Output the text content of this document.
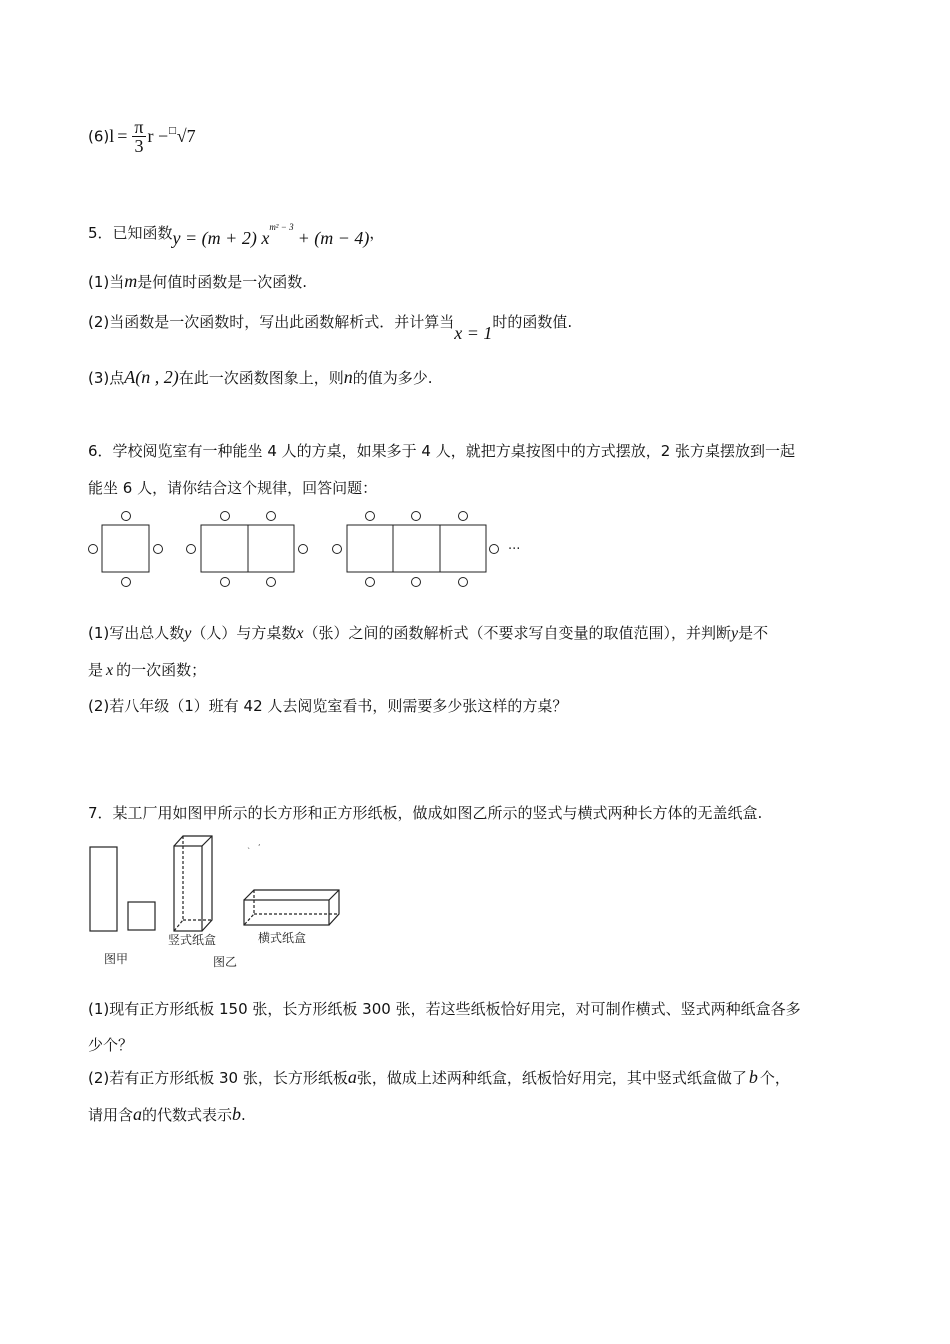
$(6)l = \frac{\pi}{3}$ r −□√7
5．已知函数y = (m + 2) $x^{m^2 - 3}+ (m - 4)$，
(1)当m是何值时函数是一次函数.
(2)当函数是一次函数时，写出此函数解析式．并计算当x = 1时的函数值.
(3)点A(n , 2)在此一次函数图象上，则n的值为多少.
6．学校阅览室有一种能坐 4 人的方桌，如果多于 4 人，就把方桌按图中的方式摆放，2 张方桌摆放到一起
能坐 6 人，请你结合这个规律，回答问题：
···
(1)写出总人数y（人）与方桌数x（张）之间的函数解析式（不要求写自变量的取值范围），并判断y是不
是 x 的一次函数；
(2)若八年级（1）班有 42 人去阅览室看书，则需要多少张这样的方桌？
7．某工厂用如图甲所示的长方形和正方形纸板，做成如图乙所示的竖式与横式两种长方体的无盖纸盒.
`
,
竖式纸盒	横式纸盒
图甲	图乙
(1)现有正方形纸板 150 张，长方形纸板 300 张，若这些纸板恰好用完，对可制作横式、竖式两种纸盒各多
少个？
(2)若有正方形纸板 30 张，长方形纸板a张，做成上述两种纸盒，纸板恰好用完，其中竖式纸盒做了 b 个，
请用含a的代数式表示b.
